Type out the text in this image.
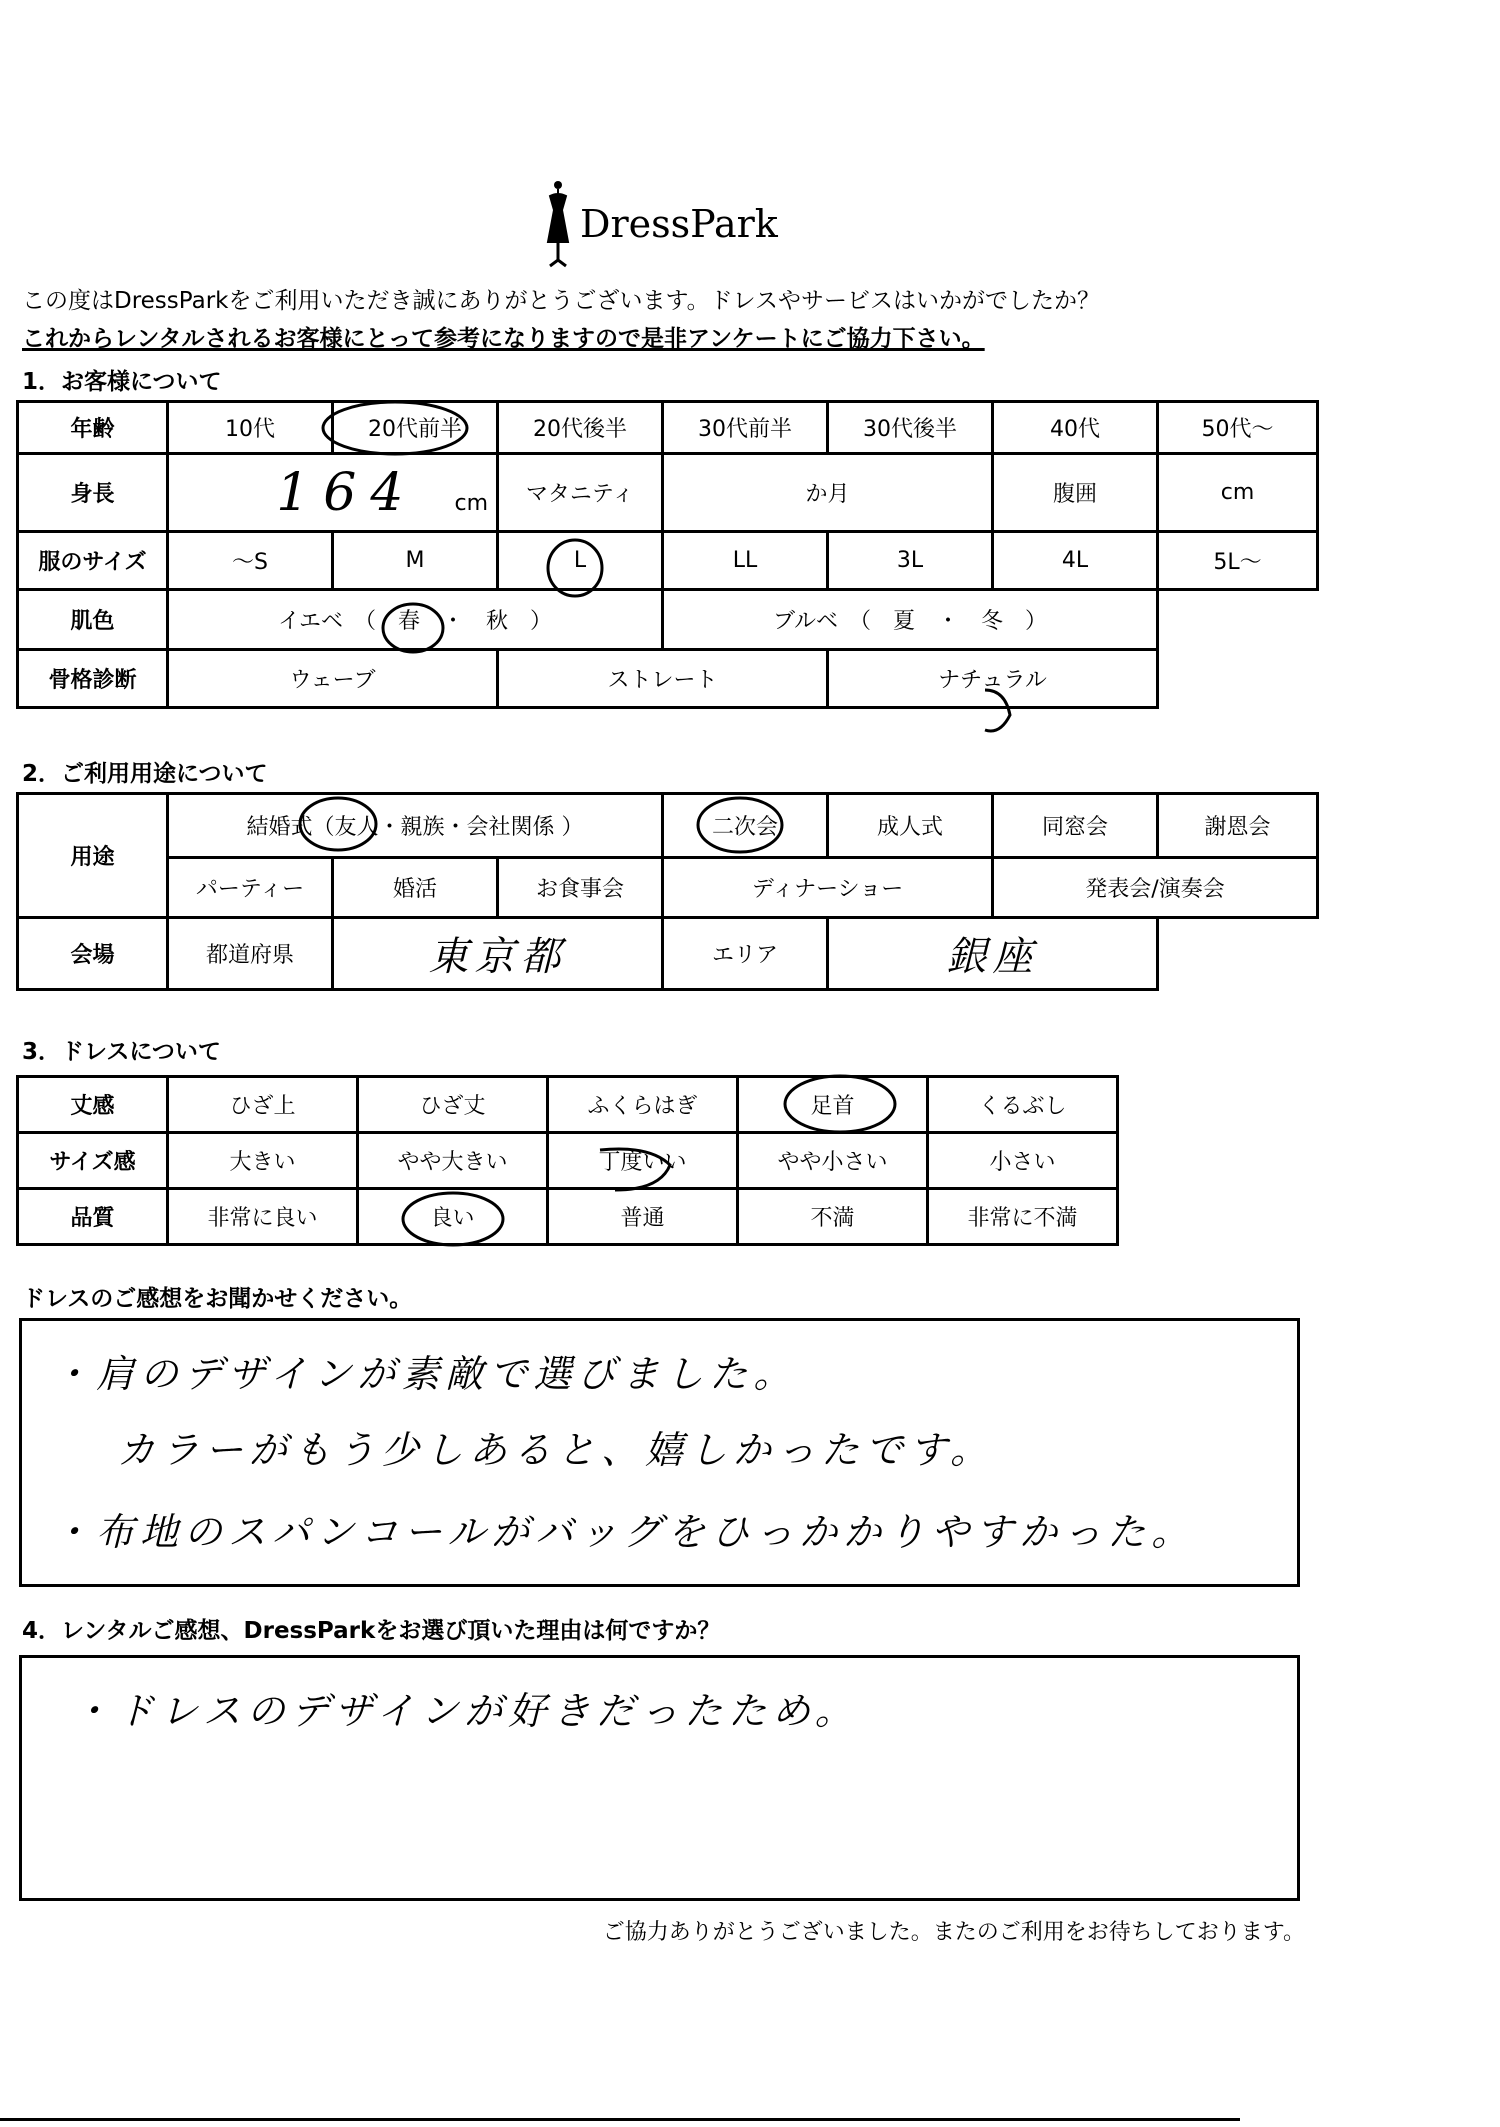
DressPark
この度はDressParkをご利用いただき誠にありがとうございます。ドレスやサービスはいかがでしたか？
これからレンタルされるお客様にとって参考になりますので是非アンケートにご協力下さい。
1．お客様について
年齢	10代	20代前半	20代後半	30代前半	30代後半	40代	50代～
身長	164 cm		マタニティ	か月		腹囲	cm
服のサイズ	～S	M	L	LL	3L	4L	5L～
肌色	イエベ　（　春　・　秋　）			ブルベ　（　夏　・　冬　）			
骨格診断	ウェーブ		ストレート		ナチュラル		
2．ご利用用途について
用途	結婚式（友人・親族・会社関係 ）			二次会	成人式	同窓会	謝恩会
	パーティー	婚活	お食事会	ディナーショー		発表会/演奏会	
会場	都道府県	東京都		エリア	銀座		
3．ドレスについて
丈感	ひざ上	ひざ丈	ふくらはぎ	足首	くるぶし
サイズ感	大きい	やや大きい	丁度いい	やや小さい	小さい
品質	非常に良い	良い	普通	不満	非常に不満
ドレスのご感想をお聞かせください。
・肩のデザインが素敵で選びました。
カラーがもう少しあると、嬉しかったです。
・布地のスパンコールがバッグをひっかかりやすかった。
4．レンタルご感想、DressParkをお選び頂いた理由は何ですか？
・ドレスのデザインが好きだったため。
ご協力ありがとうございました。またのご利用をお待ちしております。
